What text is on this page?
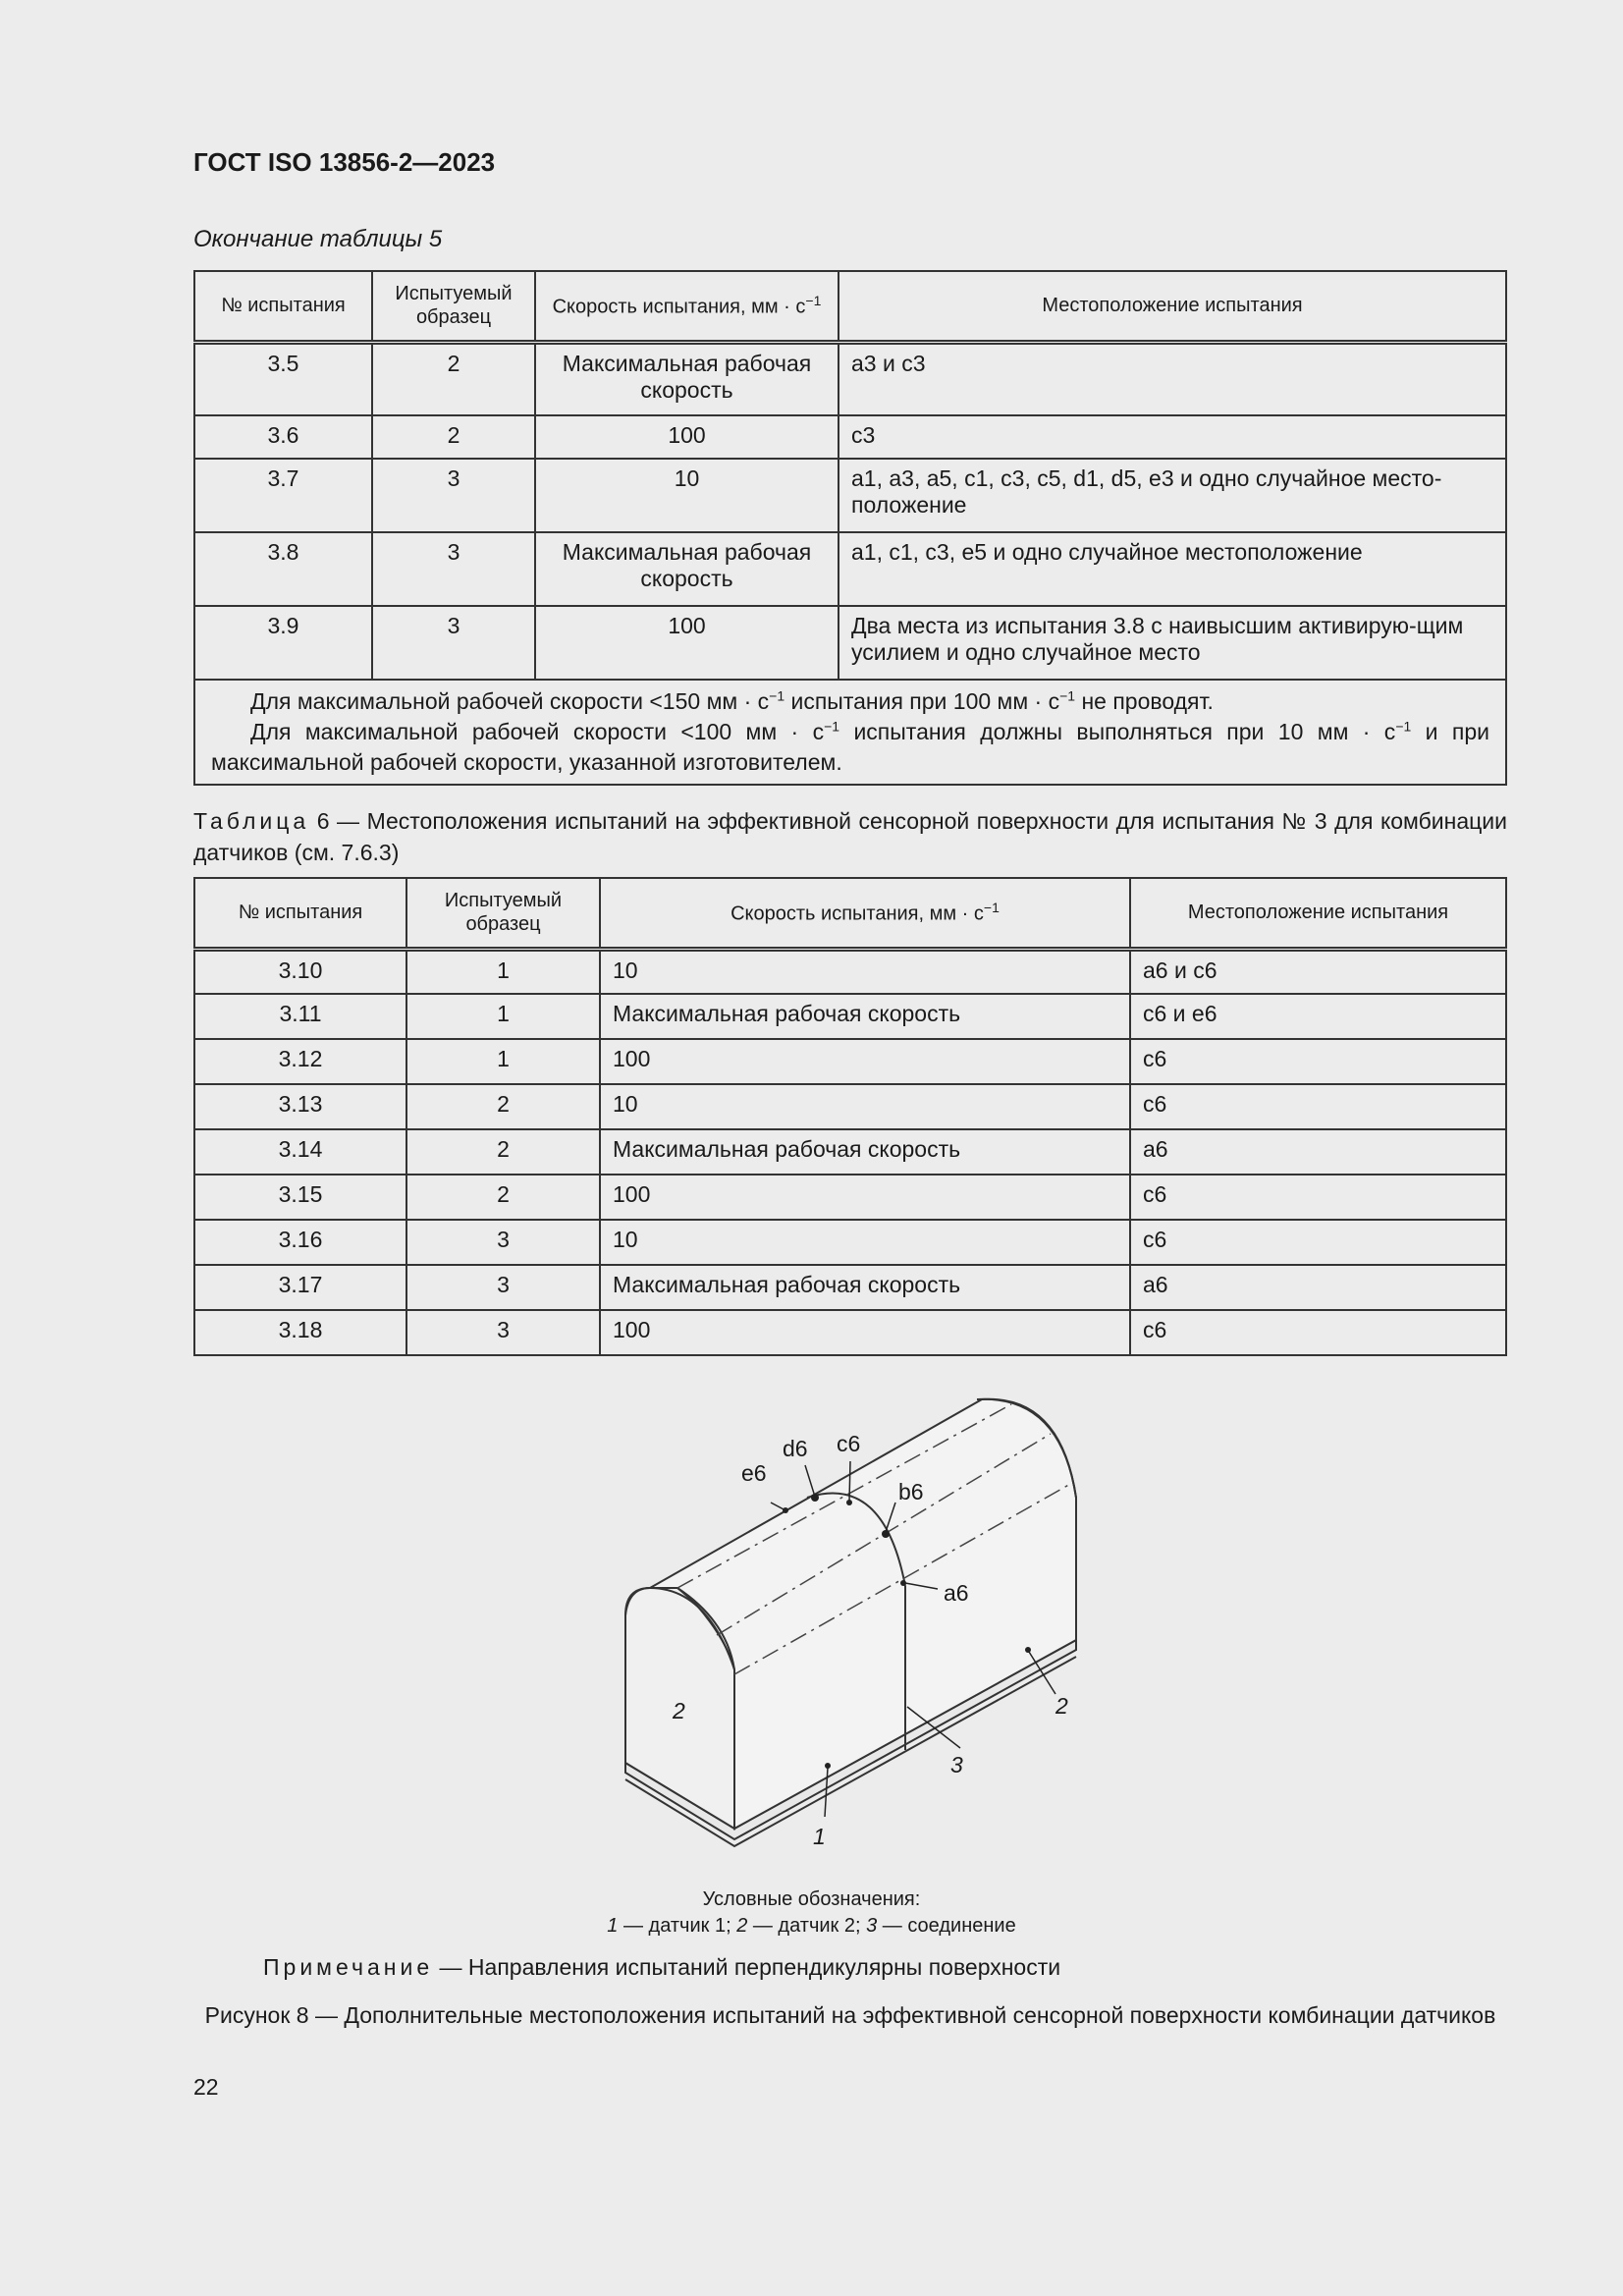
ГОСТ ISO 13856-2—2023
Окончание таблицы 5
№ испытания	Испытуемый образец	Скорость испытания, мм · $с^{-1}$	Местоположение испытания
3.5	2	Максимальная рабочая скорость	a3 и c3
3.6	2	100	c3
3.7	3	10	a1, a3, a5, c1, c3, c5, d1, d5, e3 и одно случайное место-положение
3.8	3	Максимальная рабочая скорость	a1, c1, c3, e5 и одно случайное местоположение
3.9	3	100	Два места из испытания 3.8 с наивысшим активирую-щим усилием и одно случайное место

Для максимальной рабочей скорости <150 мм · $с^{-1}$ испытания при 100 мм · $с^{-1}$ не проводят.

Для максимальной рабочей скорости <100 мм · $с^{-1}$ испытания должны выполняться при 10 мм · $с^{-1}$ и при максимальной рабочей скорости, указанной изготовителем.			

Таблица 6 — Местоположения испытаний на эффективной сенсорной поверхности для испытания № 3 для комбинации датчиков (см. 7.6.3)
№ испытания	Испытуемый образец	Скорость испытания, мм · $с^{-1}$	Местоположение испытания
3.10	1	10	a6 и c6
3.11	1	Максимальная рабочая скорость	c6 и e6
3.12	1	100	c6
3.13	2	10	c6
3.14	2	Максимальная рабочая скорость	a6
3.15	2	100	c6
3.16	3	10	c6
3.17	3	Максимальная рабочая скорость	a6
3.18	3	100	c6
d6 c6
e6
b6
a6
2	2
3
1
Условные обозначения:
1 — датчик 1; 2 — датчик 2; 3 — соединение
Примечание — Направления испытаний перпендикулярны поверхности
Рисунок 8 — Дополнительные местоположения испытаний на эффективной сенсорной поверхности комбинации датчиков
22
